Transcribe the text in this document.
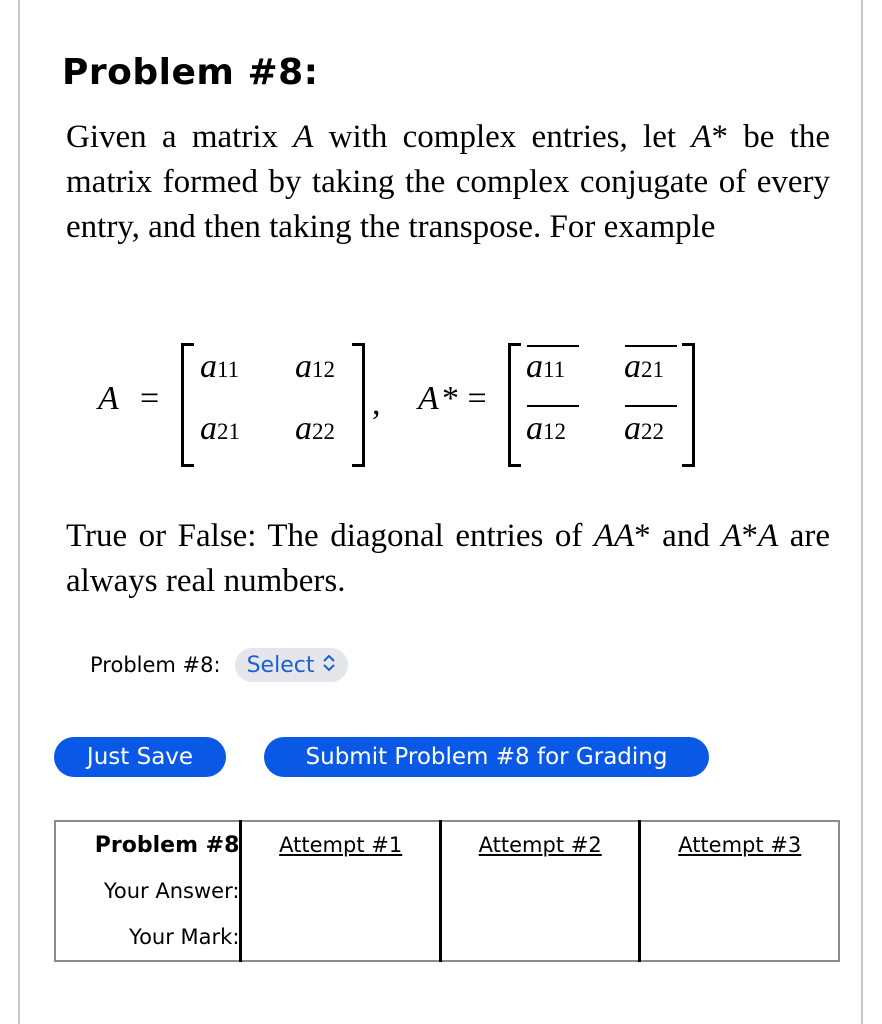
Problem #8:

Given a matrix A with complex entries, let A* be the matrix formed by taking the complex conjugate of every entry, and then taking the transpose. For example

A =
a11 a12
a21 a22
, A * =
a11 a21
a12 a22

True or False: The diagonal entries of AA* and A*A are always real numbers.

Problem #8: Select
Just Save	Submit Problem #8 for Grading
Problem #8	Attempt #1	Attempt #2	Attempt #3
Your Answer:			
Your Mark:			
